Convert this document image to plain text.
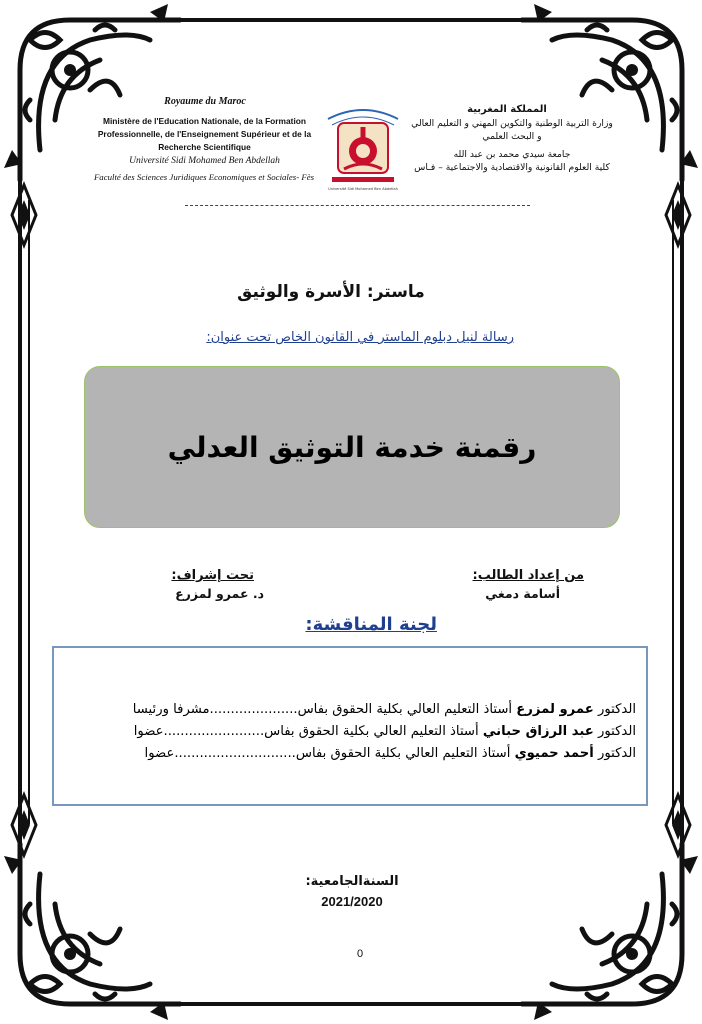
Royaume du Maroc
Ministère de l'Education Nationale, de la Formation
Professionnelle, de l'Enseignement Supérieur et de la
Recherche Scientifique
Université Sidi Mohamed Ben Abdellah
Faculté des Sciences Juridiques Economiques et Sociales- Fès
Université Sidi Mohamed Ben Abdellah
المملكة المغربية
وزارة التربية الوطنية والتكوين المهني و التعليم العالي
و البحث العلمي
جامعة سيدي محمد بن عبد الله
كلية العلوم القانونية والاقتصادية والاجتماعية – فـاس
ماستر: الأسرة والوثيق
رسالة لنيل دبلوم الماستر في القانون الخاص تحت عنوان:
رقمنة خدمة التوثيق العدلي
من إعداد الطالب:
أسامة دمغي
تحت إشراف:
د. عمرو لمزرع
لجنة المناقشة:
الدكتور عمرو لمزرع أستاذ التعليم العالي بكلية الحقوق بفاس.....................مشرفا ورئيسا
الدكتور عبد الرزاق حباني أستاذ التعليم العالي بكلية الحقوق بفاس........................عضوا
الدكتور أحمد حميوي أستاذ التعليم العالي بكلية الحقوق بفاس.............................عضوا
السنةالجامعية:
2021/2020
0
